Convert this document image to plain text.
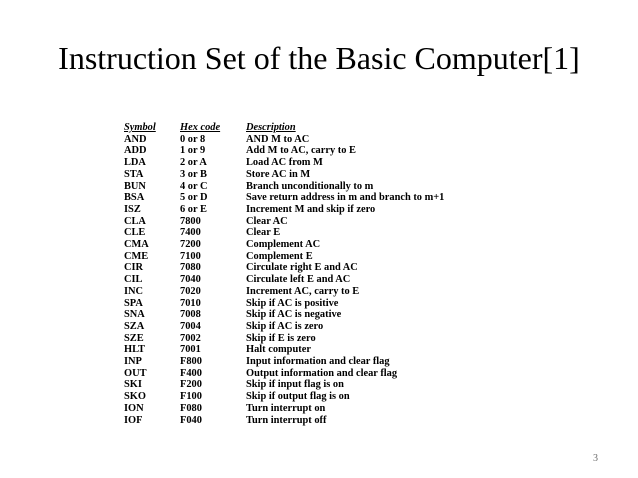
Instruction Set of the Basic Computer[1]
Symbol	Hex code	Description
AND	0 or 8	AND M to AC
ADD	1 or 9	Add M to AC, carry to E
LDA	2 or A	Load AC from M
STA	3 or B	Store AC in M
BUN	4 or C	Branch unconditionally to m
BSA	5 or D	Save return address in m and branch to m+1
ISZ	6 or E	Increment M and skip if zero
CLA	7800	Clear AC
CLE	7400	Clear E
CMA	7200	Complement AC
CME	7100	Complement E
CIR	7080	Circulate right E and AC
CIL	7040	Circulate left E and AC
INC	7020	Increment AC, carry to E
SPA	7010	Skip if AC is positive
SNA	7008	Skip if AC is negative
SZA	7004	Skip if AC is zero
SZE	7002	Skip if E is zero
HLT	7001	Halt computer
INP	F800	Input information and clear flag
OUT	F400	Output information and clear flag
SKI	F200	Skip if input flag is on
SKO	F100	Skip if output flag is on
ION	F080	Turn interrupt on
IOF	F040	Turn interrupt off
3
